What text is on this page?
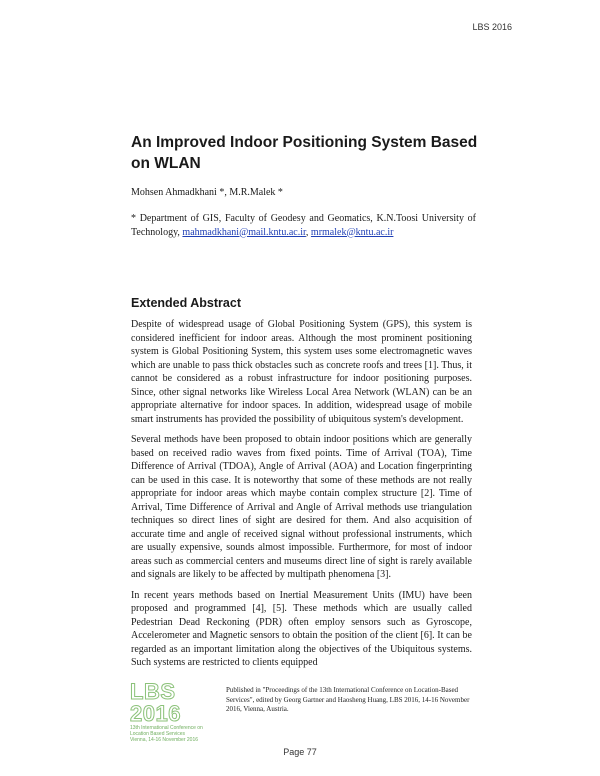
LBS 2016
An Improved Indoor Positioning System Based on WLAN
Mohsen Ahmadkhani *, M.R.Malek *
* Department of GIS, Faculty of Geodesy and Geomatics, K.N.Toosi University of Technology, mahmadkhani@mail.kntu.ac.ir, mrmalek@kntu.ac.ir
Extended Abstract

Despite of widespread usage of Global Positioning System (GPS), this system is considered inefficient for indoor areas. Although the most prominent positioning system is Global Positioning System, this system uses some electromagnetic waves which are unable to pass thick obstacles such as concrete roofs and trees [1]. Thus, it cannot be considered as a robust infrastructure for indoor positioning purposes. Since, other signal networks like Wireless Local Area Network (WLAN) can be an appropriate alternative for indoor spaces. In addition, widespread usage of mobile smart instruments has provided the possibility of ubiquitous system's development.

Several methods have been proposed to obtain indoor positions which are generally based on received radio waves from fixed points. Time of Arrival (TOA), Time Difference of Arrival (TDOA), Angle of Arrival (AOA) and Location fingerprinting can be used in this case. It is noteworthy that some of these methods are not really appropriate for indoor areas which maybe contain complex structure [2]. Time of Arrival, Time Difference of Arrival and Angle of Arrival methods use triangulation techniques so direct lines of sight are desired for them. And also acquisition of accurate time and angle of received signal without professional instruments, which are usually expensive, sounds almost impossible. Furthermore, for most of indoor areas such as commercial centers and museums direct line of sight is rarely available and signals are likely to be affected by multipath phenomena [3].

In recent years methods based on Inertial Measurement Units (IMU) have been proposed and programmed [4], [5]. These methods which are usually called Pedestrian Dead Reckoning (PDR) often employ sensors such as Gyroscope, Accelerometer and Magnetic sensors to obtain the position of the client [6]. It can be regarded as an important limitation along the objectives of the Ubiquitous systems. Such systems are restricted to clients equipped

LBS 2016
13th International Conference on Location Based Services
Vienna, 14-16 November 2016
Published in "Proceedings of the 13th International Conference on Location-Based Services", edited by Georg Gartner and Haosheng Huang, LBS 2016, 14-16 November 2016, Vienna, Austria.
Page 77
